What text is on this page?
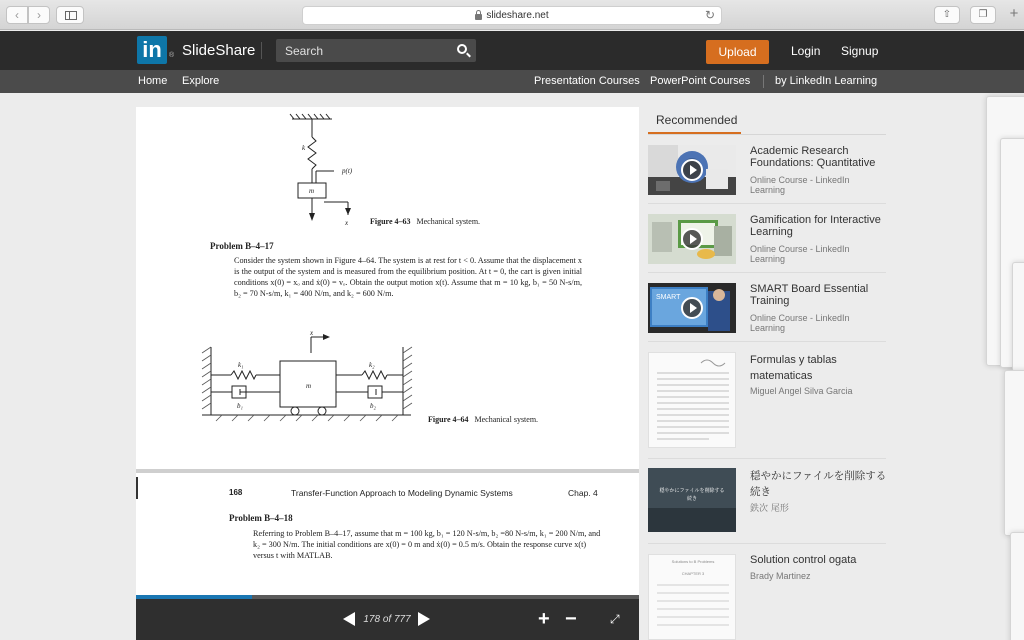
‹ ›	slideshare.net	↻	⇧	❐	+
in	® SlideShare
Search	Upload	Login Signup
Home Explore	Presentation Courses PowerPoint Courses by LinkedIn Learning
k
p(t)
m
x	Figure 4–63 Mechanical system.
Problem B–4–17
Consider the system shown in Figure 4–64. The system is at rest for t < 0. Assume that the displacement x is the output of the system and is measured from the equilibrium position. At t = 0, the cart is given initial conditions x(0) = xₒ and ẋ(0) = vₒ. Obtain the output motion x(t). Assume that m = 10 kg, b₁ = 50 N-s/m, b₂ = 70 N-s/m, k₁ = 400 N/m, and k₂ = 600 N/m.
x
k₁	k₂
m
b₁	b₂
Figure 4–64 Mechanical system.
168	Transfer-Function Approach to Modeling Dynamic Systems	Chap. 4
Problem B–4–18
Referring to Problem B–4–17, assume that m = 100 kg, b₁ = 120 N-s/m, b₂ =80 N-s/m, k₁ = 200 N/m, and k₂ = 300 N/m. The initial conditions are x(0) = 0 m and ẋ(0) = 0.5 m/s. Obtain the response curve x(t) versus t with MATLAB.
178 of 777	+ −	⤢
Recommended
Academic Research Foundations: Quantitative
Online Course - LinkedIn Learning
Gamification for Interactive Learning
Online Course - LinkedIn Learning
SMART
SMART Board Essential Training
Online Course - LinkedIn Learning
Formulas y tablas matematicas
Miguel Angel Silva Garcia
穏やかにファイルを削除する
続き
穏やかにファイルを削除する続き
鉄次 尾形
Solutions to B Problems
CHAPTER 3
Solution control ogata
Brady Martinez
